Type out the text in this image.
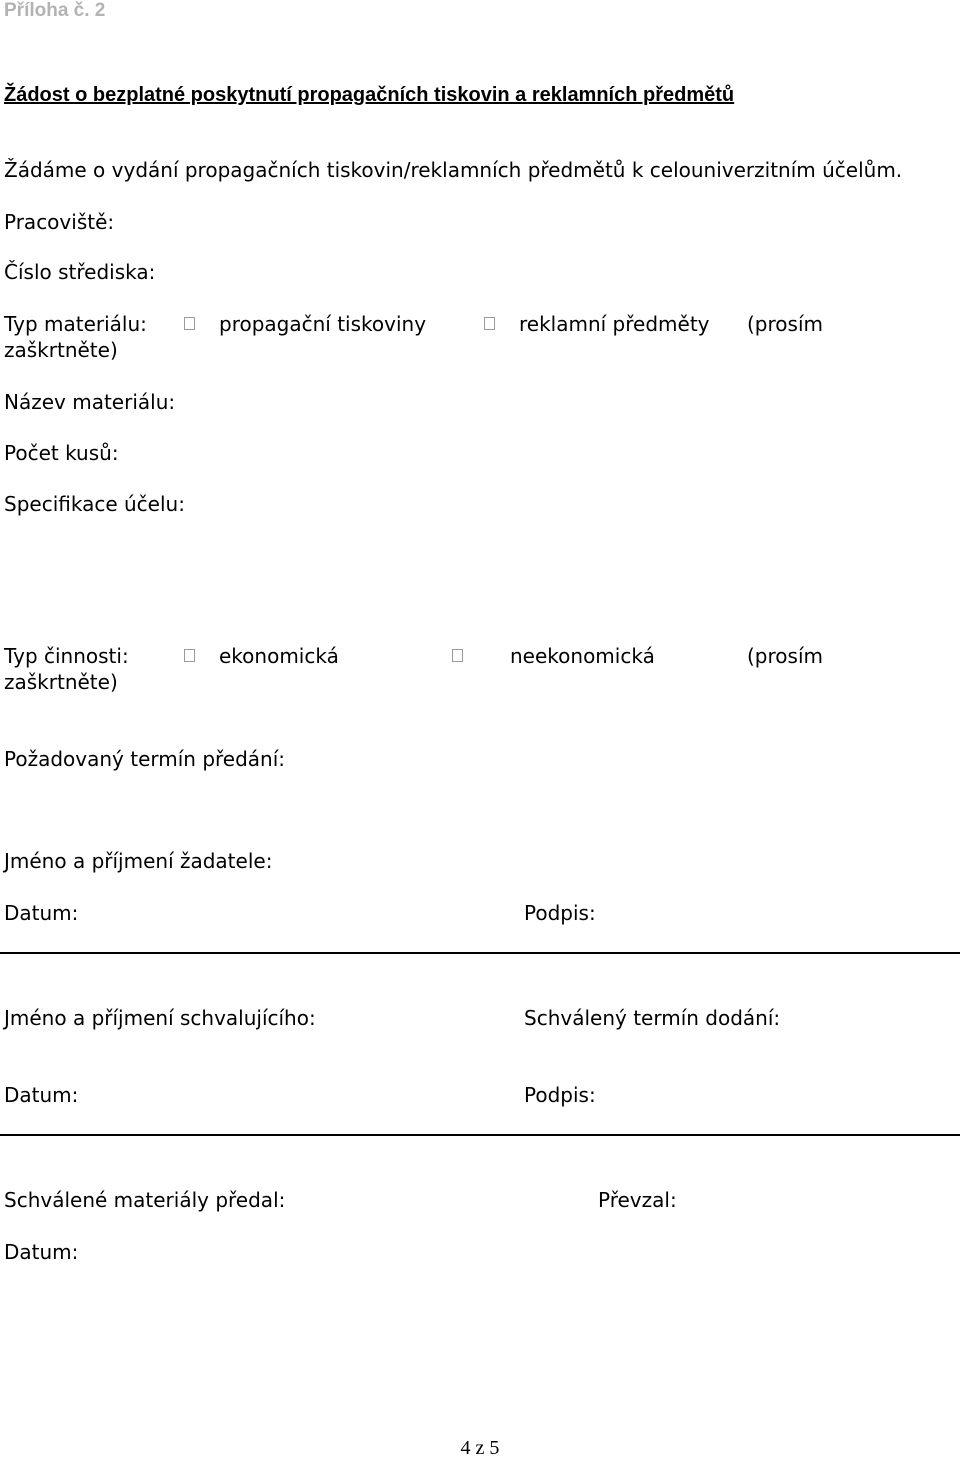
Příloha č. 2
Žádost o bezplatné poskytnutí propagačních tiskovin a reklamních předmětů
Žádáme o vydání propagačních tiskovin/reklamních předmětů k celouniverzitním účelům.
Pracoviště:
Číslo střediska:
Typ materiálu:	propagační tiskoviny	reklamní předměty (prosím
zaškrtněte)
Název materiálu:
Počet kusů:
Specifikace účelu:
Typ činnosti:	ekonomická	neekonomická	(prosím
zaškrtněte)
Požadovaný termín předání:
Jméno a příjmení žadatele:
Datum:	Podpis:
Jméno a příjmení schvalujícího:	Schválený termín dodání:
Datum:	Podpis:
Schválené materiály předal:	Převzal:
Datum:
4 z 5
